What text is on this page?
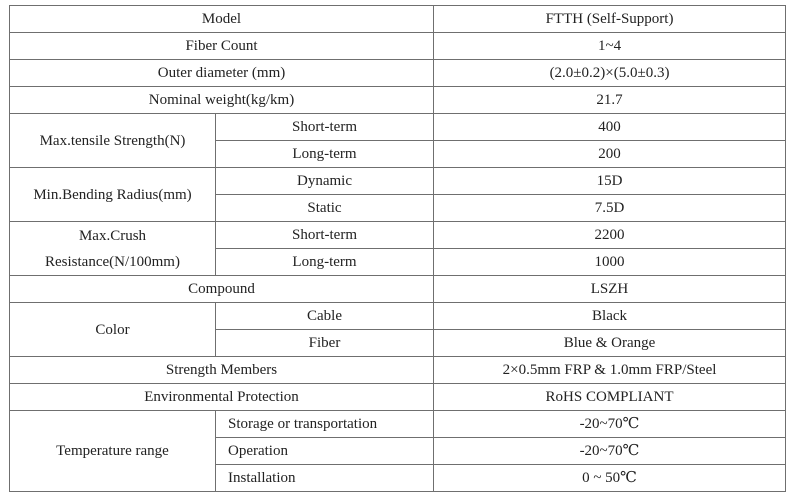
Model		FTTH (Self-Support)
Fiber Count		1~4
Outer diameter (mm)		(2.0±0.2)×(5.0±0.3)
Nominal weight(kg/km)		21.7
Max.tensile Strength(N)	Short-term	400
	Long-term	200
Min.Bending Radius(mm)	Dynamic	15D
	Static	7.5D

Max.Crush
Resistance(N/100mm)	Short-term	2200
	Long-term	1000
Compound		LSZH
Color	Cable	Black
	Fiber	Blue & Orange
Strength Members		2×0.5mm FRP & 1.0mm FRP/Steel
Environmental Protection		RoHS COMPLIANT
Temperature range	Storage or transportation	-20~70℃
	Operation	-20~70℃
	Installation	0 ~ 50℃
